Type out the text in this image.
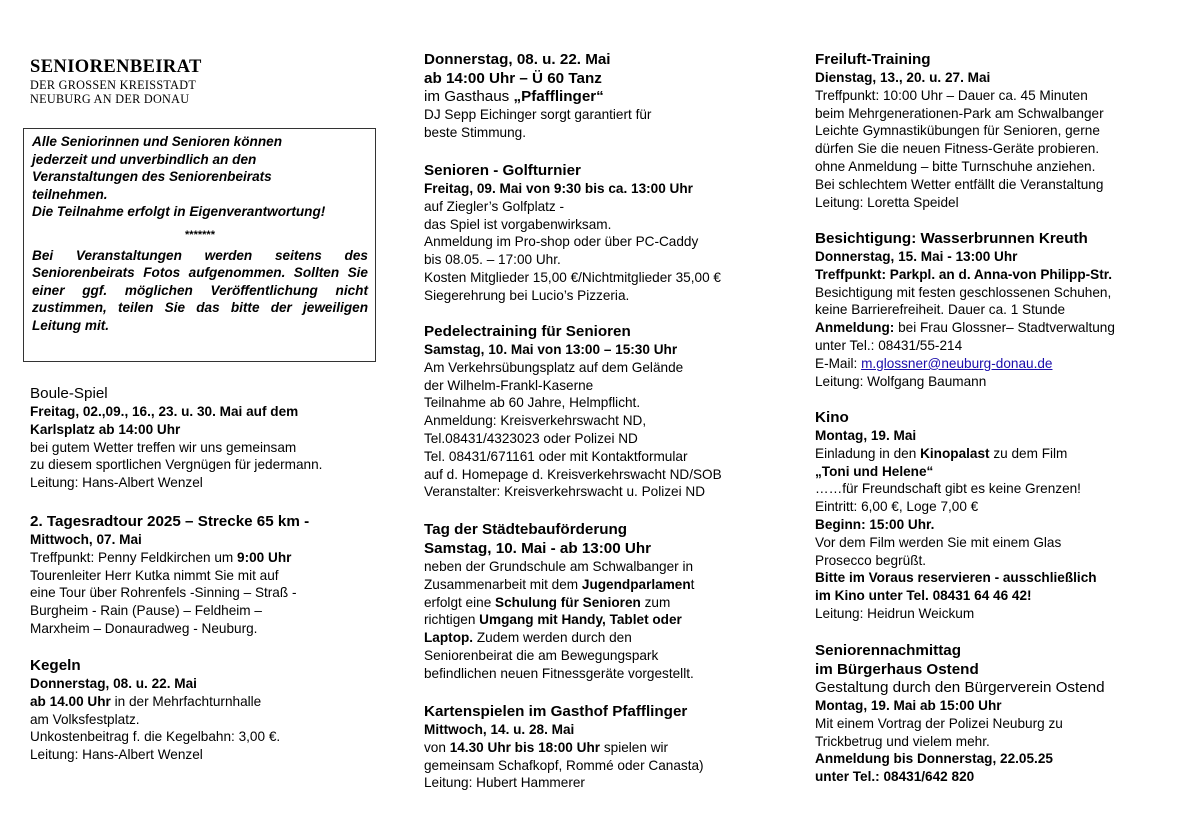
SENIORENBEIRAT

DER GROSSEN KREISSTADT

NEUBURG AN DER DONAU

Alle Seniorinnen und Senioren können

jederzeit und unverbindlich an den

Veranstaltungen des Seniorenbeirats

teilnehmen.

Die Teilnahme erfolgt in Eigenverantwortung!

*******

Bei Veranstaltungen werden seitens des Seniorenbeirats Fotos aufgenommen. Sollten Sie einer ggf. möglichen Veröffentlichung nicht zustimmen, teilen Sie das bitte der jeweiligen Leitung mit.

Boule-Spiel

Freitag, 02.,09., 16., 23. u. 30. Mai auf dem

Karlsplatz ab 14:00 Uhr

bei gutem Wetter treffen wir uns gemeinsam

zu diesem sportlichen Vergnügen für jedermann.

Leitung: Hans-Albert Wenzel

2. Tagesradtour 2025 – Strecke 65 km -

Mittwoch, 07. Mai

Treffpunkt: Penny Feldkirchen um 9:00 Uhr

Tourenleiter Herr Kutka nimmt Sie mit auf

eine Tour über Rohrenfels -Sinning – Straß -

Burgheim - Rain (Pause) – Feldheim –

Marxheim – Donauradweg - Neuburg.

Kegeln

Donnerstag, 08. u. 22. Mai

ab 14.00 Uhr in der Mehrfachturnhalle

am Volksfestplatz.

Unkostenbeitrag f. die Kegelbahn: 3,00 €.

Leitung: Hans-Albert Wenzel

Donnerstag, 08. u. 22. Mai

ab 14:00 Uhr – Ü 60 Tanz

im Gasthaus „Pfafflinger“

DJ Sepp Eichinger sorgt garantiert für

beste Stimmung.

Senioren - Golfturnier

Freitag, 09. Mai von 9:30 bis ca. 13:00 Uhr

auf Ziegler’s Golfplatz -

das Spiel ist vorgabenwirksam.

Anmeldung im Pro-shop oder über PC-Caddy

bis 08.05. – 17:00 Uhr.

Kosten Mitglieder 15,00 €/Nichtmitglieder 35,00 €

Siegerehrung bei Lucio’s Pizzeria.

Pedelectraining für Senioren

Samstag, 10. Mai von 13:00 – 15:30 Uhr

Am Verkehrsübungsplatz auf dem Gelände

der Wilhelm-Frankl-Kaserne

Teilnahme ab 60 Jahre, Helmpflicht.

Anmeldung: Kreisverkehrswacht ND,

Tel.08431/4323023 oder Polizei ND

Tel. 08431/671161 oder mit Kontaktformular

auf d. Homepage d. Kreisverkehrswacht ND/SOB

Veranstalter: Kreisverkehrswacht u. Polizei ND

Tag der Städtebauförderung

Samstag, 10. Mai - ab 13:00 Uhr

neben der Grundschule am Schwalbanger in

Zusammenarbeit mit dem Jugendparlament

erfolgt eine Schulung für Senioren zum

richtigen Umgang mit Handy, Tablet oder

Laptop. Zudem werden durch den

Seniorenbeirat die am Bewegungspark

befindlichen neuen Fitnessgeräte vorgestellt.

Kartenspielen im Gasthof Pfafflinger

Mittwoch, 14. u. 28. Mai

von 14.30 Uhr bis 18:00 Uhr spielen wir

gemeinsam Schafkopf, Rommé oder Canasta)

Leitung: Hubert Hammerer

Freiluft-Training

Dienstag, 13., 20. u. 27. Mai

Treffpunkt: 10:00 Uhr – Dauer ca. 45 Minuten

beim Mehrgenerationen-Park am Schwalbanger

Leichte Gymnastikübungen für Senioren, gerne

dürfen Sie die neuen Fitness-Geräte probieren.

ohne Anmeldung – bitte Turnschuhe anziehen.

Bei schlechtem Wetter entfällt die Veranstaltung

Leitung: Loretta Speidel

Besichtigung: Wasserbrunnen Kreuth

Donnerstag, 15. Mai - 13:00 Uhr

Treffpunkt: Parkpl. an d. Anna-von Philipp-Str.

Besichtigung mit festen geschlossenen Schuhen,

keine Barrierefreiheit. Dauer ca. 1 Stunde

Anmeldung: bei Frau Glossner– Stadtverwaltung

unter Tel.: 08431/55-214

E-Mail: m.glossner@neuburg-donau.de

Leitung: Wolfgang Baumann

Kino

Montag, 19. Mai

Einladung in den Kinopalast zu dem Film

„Toni und Helene“

……für Freundschaft gibt es keine Grenzen!

Eintritt: 6,00 €, Loge 7,00 €

Beginn: 15:00 Uhr.

Vor dem Film werden Sie mit einem Glas

Prosecco begrüßt.

Bitte im Voraus reservieren - ausschließlich

im Kino unter Tel. 08431 64 46 42!

Leitung: Heidrun Weickum

Seniorennachmittag

im Bürgerhaus Ostend

Gestaltung durch den Bürgerverein Ostend

Montag, 19. Mai ab 15:00 Uhr

Mit einem Vortrag der Polizei Neuburg zu

Trickbetrug und vielem mehr.

Anmeldung bis Donnerstag, 22.05.25

unter Tel.: 08431/642 820
